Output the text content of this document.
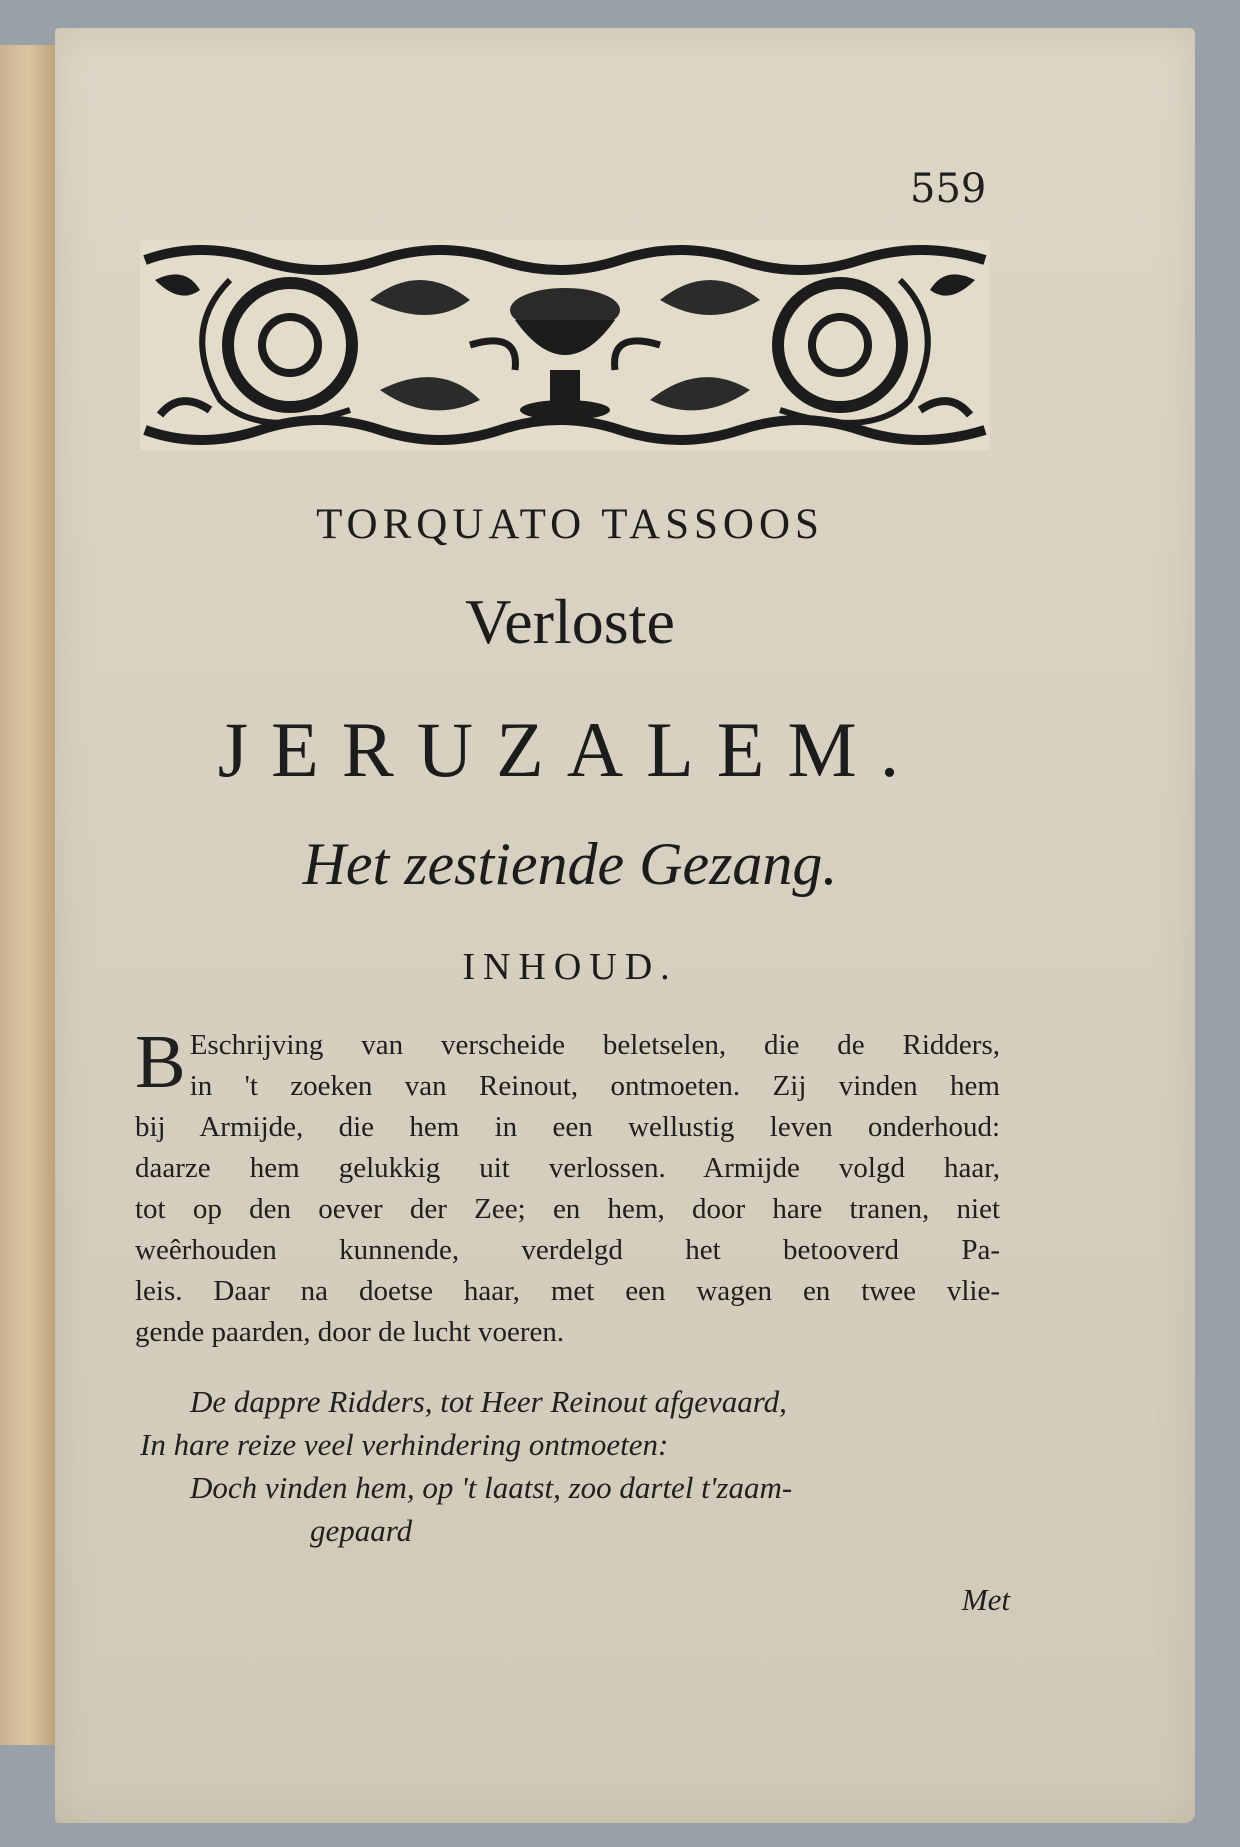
559
TORQUATO TASSOOS
Verloste
JERUZALEM.
Het zestiende Gezang.
INHOUD.
B Eschrijving van verscheide beletselen, die de Ridders,
in 't zoeken van Reinout, ontmoeten. Zij vinden hem
bij Armijde, die hem in een wellustig leven onderhoud:
daarze hem gelukkig uit verlossen. Armijde volgd haar,
tot op den oever der Zee; en hem, door hare tranen, niet
weêrhouden kunnende, verdelgd het betooverd Pa-
leis. Daar na doetse haar, met een wagen en twee vlie-
gende paarden, door de lucht voeren.
De dappre Ridders, tot Heer Reinout afgevaard,
In hare reize veel verhindering ontmoeten:
Doch vinden hem, op 't laatst, zoo dartel t'zaam-
gepaard
Met
